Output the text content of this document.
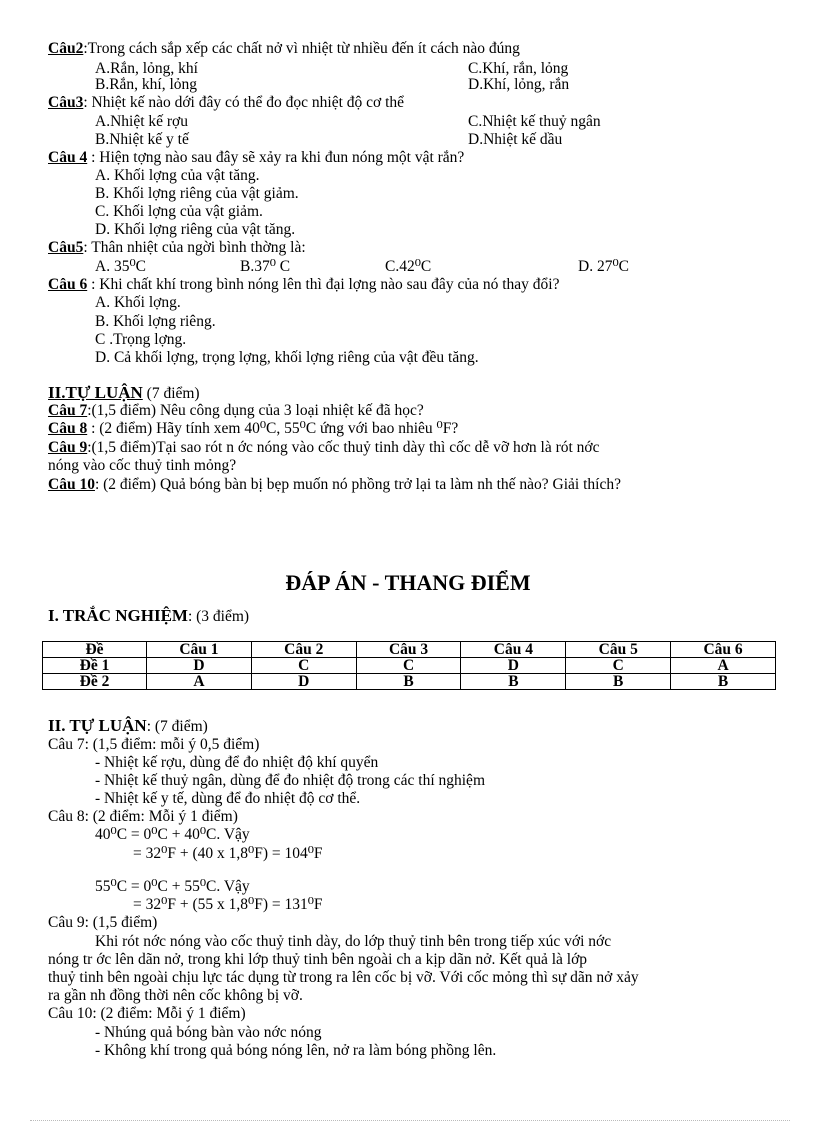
Câu2:Trong cách sắp xếp các chất nở vì nhiệt từ nhiều đến ít cách nào đúng
A.Rắn, lỏng, khí	C.Khí, rắn, lỏng
B.Rắn, khí, lỏng	D.Khí, lỏng, rắn
Câu3: Nhiệt kế nào dới đây có thể đo đọc nhiệt độ cơ thể
A.Nhiệt kế rợu	C.Nhiệt kế thuỷ ngân
B.Nhiệt kế y tế	D.Nhiệt kế dầu
Câu 4 : Hiện tợng nào sau đây sẽ xảy ra khi đun nóng một vật rắn?
A. Khối lợng của vật tăng.
B. Khối lợng riêng của vật giảm.
C. Khối lợng của vật giảm.
D. Khối lợng riêng của vật tăng.
Câu5: Thân nhiệt của ngời bình thờng là:
A. 35⁰C	B.37⁰ C	C.42⁰C	D. 27⁰C
Câu 6 : Khi chất khí trong bình nóng lên thì đại lợng nào sau đây của nó thay đổi?
A. Khối lợng.
B. Khối lợng riêng.
C .Trọng lợng.
D. Cả khối lợng, trọng lợng, khối lợng riêng của vật đều tăng.
II.TỰ LUẬN (7 điểm)
Câu 7:(1,5 điểm) Nêu công dụng của 3 loại nhiệt kế đã học?
Câu 8 : (2 điểm) Hãy tính xem 40⁰C, 55⁰C ứng với bao nhiêu ⁰F?
Câu 9:(1,5 điểm)Tại sao rót n ớc nóng vào cốc thuỷ tinh dày thì cốc dễ vỡ hơn là rót nớc
nóng vào cốc thuỷ tinh mỏng?
Câu 10: (2 điểm) Quả bóng bàn bị bẹp muốn nó phồng trở lại ta làm nh thế nào? Giải thích?
ĐÁP ÁN - THANG ĐIỂM
I. TRẮC NGHIỆM: (3 điểm)
Đề	Câu 1	Câu 2	Câu 3	Câu 4	Câu 5	Câu 6
Đề 1	D	C	C	D	C	A
Đề 2	A	D	B	B	B	B
II. TỰ LUẬN: (7 điểm)
Câu 7: (1,5 điểm: mỗi ý 0,5 điểm)
- Nhiệt kế rợu, dùng để đo nhiệt độ khí quyển
- Nhiệt kế thuỷ ngân, dùng để đo nhiệt độ trong các thí nghiệm
- Nhiệt kế y tế, dùng để đo nhiệt độ cơ thể.
Câu 8: (2 điểm: Mỗi ý 1 điểm)
40⁰C = 0⁰C + 40⁰C. Vậy
= 32⁰F + (40 x 1,8⁰F) = 104⁰F
55⁰C = 0⁰C + 55⁰C. Vậy
= 32⁰F + (55 x 1,8⁰F) = 131⁰F
Câu 9: (1,5 điểm)
Khi rót nớc nóng vào cốc thuỷ tinh dày, do lớp thuỷ tinh bên trong tiếp xúc với nớc
nóng tr ớc lên dãn nở, trong khi lớp thuỷ tinh bên ngoài ch a kịp dãn nở. Kết quả là lớp
thuỷ tinh bên ngoài chịu lực tác dụng từ trong ra lên cốc bị vỡ. Với cốc mỏng thì sự dãn nở xảy
ra gần nh đồng thời nên cốc không bị vỡ.
Câu 10: (2 điểm: Mỗi ý 1 điểm)
- Nhúng quả bóng bàn vào nớc nóng
- Không khí trong quả bóng nóng lên, nở ra làm bóng phồng lên.
